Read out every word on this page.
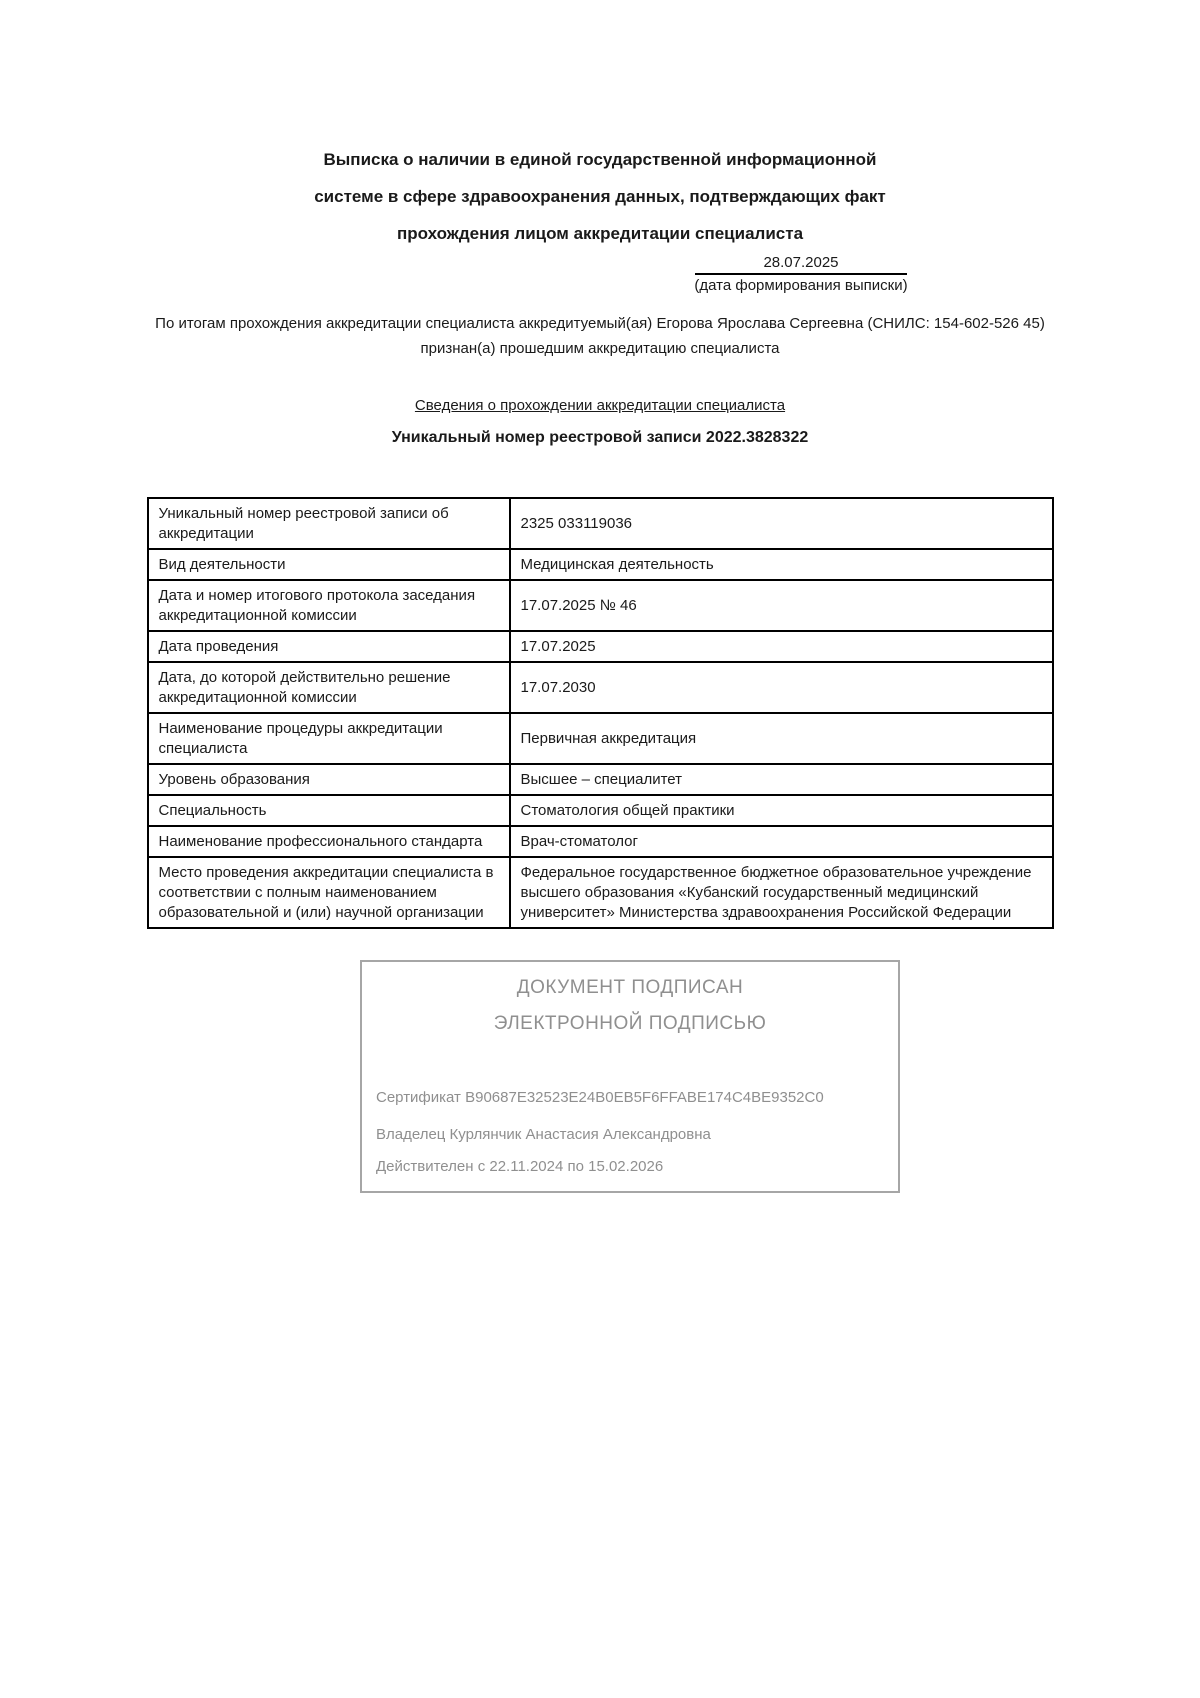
Выписка о наличии в единой государственной информационной
системе в сфере здравоохранения данных, подтверждающих факт
прохождения лицом аккредитации специалиста
28.07.2025
(дата формирования выписки)
По итогам прохождения аккредитации специалиста аккредитуемый(ая) Егорова Ярослава Сергеевна (СНИЛС: 154-602-526 45)
признан(а) прошедшим аккредитацию специалиста
Сведения о прохождении аккредитации специалиста
Уникальный номер реестровой записи 2022.3828322
Уникальный номер реестровой записи об аккредитации	2325 033119036
Вид деятельности	Медицинская деятельность
Дата и номер итогового протокола заседания аккредитационной комиссии	17.07.2025 № 46
Дата проведения	17.07.2025
Дата, до которой действительно решение аккредитационной комиссии	17.07.2030
Наименование процедуры аккредитации специалиста	Первичная аккредитация
Уровень образования	Высшее – специалитет
Специальность	Стоматология общей практики
Наименование профессионального стандарта	Врач-стоматолог
Место проведения аккредитации специалиста в соответствии с полным наименованием образовательной и (или) научной организации	Федеральное государственное бюджетное образовательное учреждение высшего образования «Кубанский государственный медицинский университет» Министерства здравоохранения Российской Федерации
ДОКУМЕНТ ПОДПИСАН
ЭЛЕКТРОННОЙ ПОДПИСЬЮ
Сертификат B90687E32523E24B0EB5F6FFABE174C4BE9352C0
Владелец Курлянчик Анастасия Александровна
Действителен с 22.11.2024 по 15.02.2026
